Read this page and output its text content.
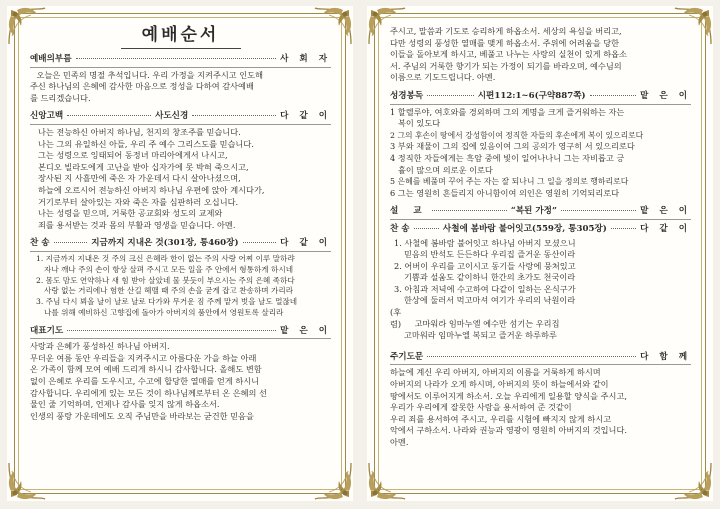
예배순서
예배의부름	사 회 자

오늘은 민족의 명절 추석입니다. 우리 가정을 지켜주시고 인도해

주신 하나님의 은혜에 감사한 마음으로 정성을 다하여 감사예배

를 드리겠습니다.

신앙고백	사도신경	다 같 이

나는 전능하신 아버지 하나님, 천지의 창조주를 믿습니다.

나는 그의 유일하신 아들, 우리 주 예수 그리스도를 믿습니다.

그는 성령으로 잉태되어 동정녀 마리아에게서 나시고,

본디오 빌라도에게 고난을 받아 십자가에 못 박혀 죽으시고,

장사된 지 사흘만에 죽은 자 가운데서 다시 살아나셨으며,

하늘에 오르시어 전능하신 아버지 하나님 우편에 앉아 계시다가,

거기로부터 살아있는 자와 죽은 자를 심판하러 오십니다.

나는 성령을 믿으며, 거룩한 공교회와 성도의 교제와

죄를 용서받는 것과 몸의 부활과 영생을 믿습니다. 아멘.

찬 송	지금까지 지내온 것(301장, 통460장)	다 같 이

1. 지금까지 지내온 것 주의 크신 은혜라 한이 없는 주의 사랑 어찌 이루 말하랴

자나 깨나 주의 손이 항상 살펴 주시고 모든 일을 주 안에서 형통하게 하시네

2. 몸도 맘도 연약하나 새 힘 받아 살았네 물 붓듯이 부으시는 주의 은혜 족하다

사랑 없는 거리에나 험한 산길 헤맬 때 주의 손을 굳게 잡고 찬송하며 가리라

3. 주님 다시 뵈올 날이 날로 날로 다가와 무거운 짐 주께 맡겨 벗을 날도 멀잖네

나를 위해 예비하신 고향집에 돌아가 아버지의 품안에서 영원토록 살리라

대표기도	맡 은 이

사랑과 은혜가 풍성하신 하나님 아버지.

무더운 여름 동안 우리들을 지켜주시고 아름다운 가을 하늘 아래

온 가족이 함께 모여 예배 드리게 하시니 감사합니다. 올해도 변함

없이 은혜로 우리를 도우시고, 수고에 합당한 열매를 얻게 하시니

감사합니다. 우리에게 있는 모든 것이 하나님께로부터 온 은혜의 선

물인 줄 기억하며, 언제나 감사를 잊지 않게 하옵소서.

인생의 풍랑 가운데에도 오직 주님만을 바라보는 굳건한 믿음을

주시고, 말씀과 기도로 승리하게 하옵소서. 세상의 욕심을 버리고,

다만 성령의 풍성한 열매를 맺게 하옵소서. 주위에 어려움을 당한

이들을 돌아보게 하시고, 베풀고 나누는 사랑의 실천이 있게 하옵소

서. 주님의 거룩한 향기가 되는 가정이 되기를 바라오며, 예수님의

이름으로 기도드립니다. 아멘.

성경봉독	시편112:1~6(구약887쪽)	맡 은 이

1 할렐루야, 여호와를 경외하며 그의 계명을 크게 즐거워하는 자는

복이 있도다

2 그의 후손이 땅에서 강성함이여 정직한 자들의 후손에게 복이 있으리로다

3 부와 재물이 그의 집에 있음이여 그의 공의가 영구히 서 있으리로다

4 정직한 자들에게는 흑암 중에 빛이 일어나나니 그는 자비롭고 긍

휼이 많으며 의로운 이로다

5 은혜를 베풀며 꾸어 주는 자는 잘 되나니 그 일을 정의로 행하리로다

6 그는 영원히 흔들리지 아니함이여 의인은 영원히 기억되리로다

설 교	“복된 가정”	맡 은 이
찬 송	사철에 봄바람 불어잇고(559장, 통305장)	다 같 이

1. 사철에 봄바람 불어잇고 하나님 아버지 모셨으니

믿음의 반석도 든든하다 우리집 즐거운 동산이라

2. 어버이 우리를 고이시고 동기들 사랑에 뭉쳐있고

기쁨과 설움도 같이하니 한간의 초가도 천국이라

3. 아침과 저녁에 수고하여 다같이 일하는 온식구가

한상에 둘러서 먹고마셔 여기가 우리의 낙원이라

(후렴) 고마워라 임마누엘 예수만 섬기는 우리집

고마워라 임마누엘 복되고 즐거운 하루하루

주기도문	다 함 께

하늘에 계신 우리 아버지, 아버지의 이름을 거룩하게 하시며

아버지의 나라가 오게 하시며, 아버지의 뜻이 하늘에서와 같이

땅에서도 이루어지게 하소서. 오늘 우리에게 일용할 양식을 주시고,

우리가 우리에게 잘못한 사람을 용서하여 준 것같이

우리 죄를 용서하여 주시고, 우리를 시험에 빠지지 않게 하시고

악에서 구하소서. 나라와 권능과 영광이 영원히 아버지의 것입니다.

아멘.
